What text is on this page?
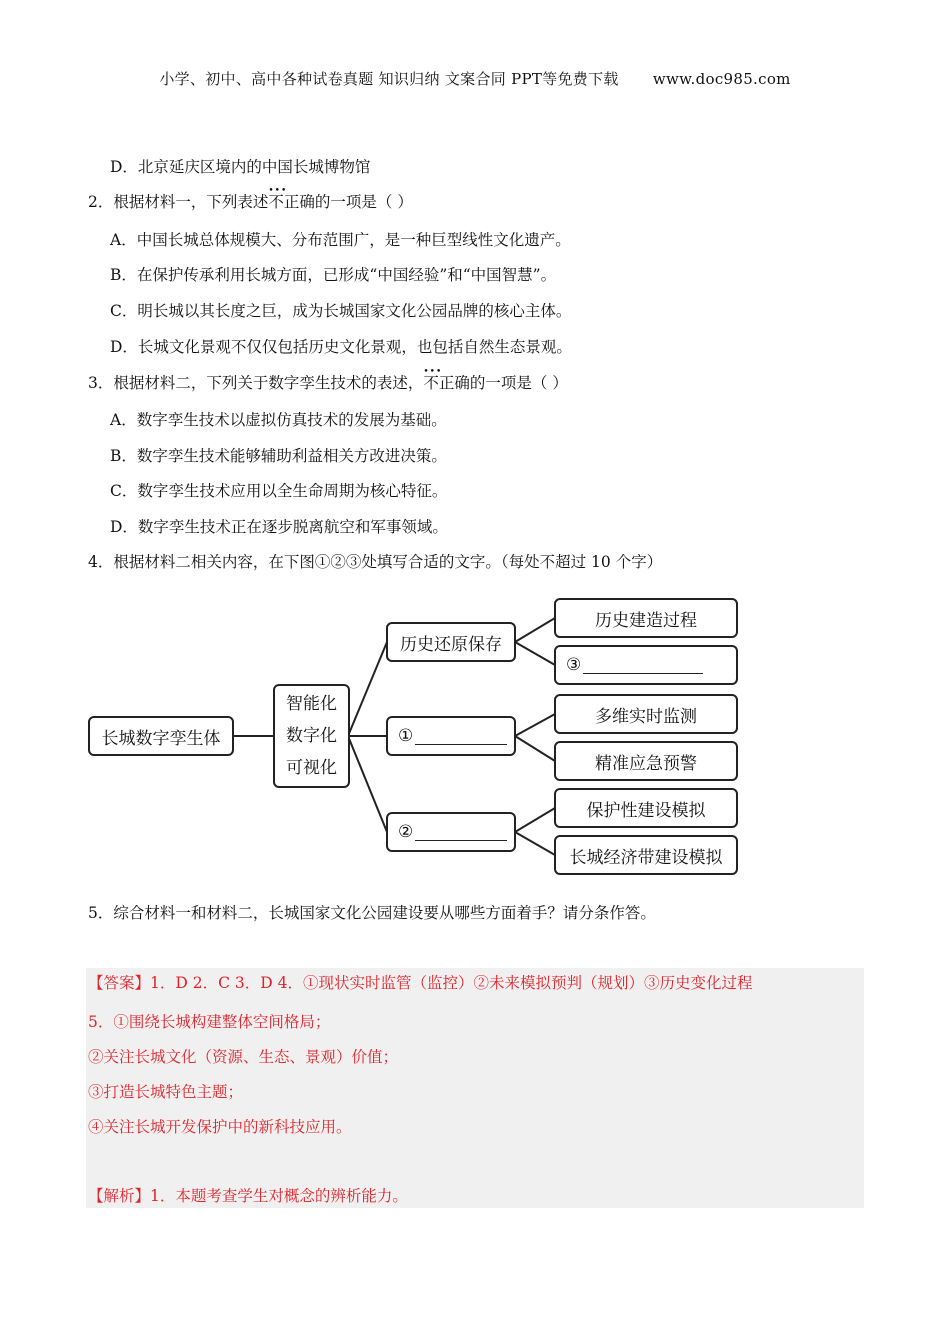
小学、初中、高中各种试卷真题 知识归纳 文案合同 PPT等免费下载 www.doc985.com
D．北京延庆区境内的中国长城博物馆
2．根据材料一，下列表述••• 不正确的一项是（ ）
A．中国长城总体规模大、分布范围广，是一种巨型线性文化遗产。
B．在保护传承利用长城方面，已形成“中国经验”和“中国智慧”。
C．明长城以其长度之巨，成为长城国家文化公园品牌的核心主体。
D．长城文化景观不仅仅包括历史文化景观，也包括自然生态景观。
3．根据材料二，下列关于数字孪生技术的表述，••• 不正确的一项是（ ）
A．数字孪生技术以虚拟仿真技术的发展为基础。
B．数字孪生技术能够辅助利益相关方改进决策。
C．数字孪生技术应用以全生命周期为核心特征。
D．数字孪生技术正在逐步脱离航空和军事领域。
4．根据材料二相关内容，在下图①②③处填写合适的文字。（每处不超过 10 个字）
长城数字孪生体
智能化
数字化
可视化
历史还原保存
①
②
历史建造过程
③
多维实时监测
精准应急预警
保护性建设模拟
长城经济带建设模拟
5．综合材料一和材料二，长城国家文化公园建设要从哪些方面着手？请分条作答。
【答案】1．D 2．C 3．D 4．①现状实时监管（监控）②未来模拟预判（规划）③历史变化过程
5．①围绕长城构建整体空间格局；
②关注长城文化（资源、生态、景观）价值；
③打造长城特色主题；
④关注长城开发保护中的新科技应用。
【解析】1．本题考查学生对概念的辨析能力。
